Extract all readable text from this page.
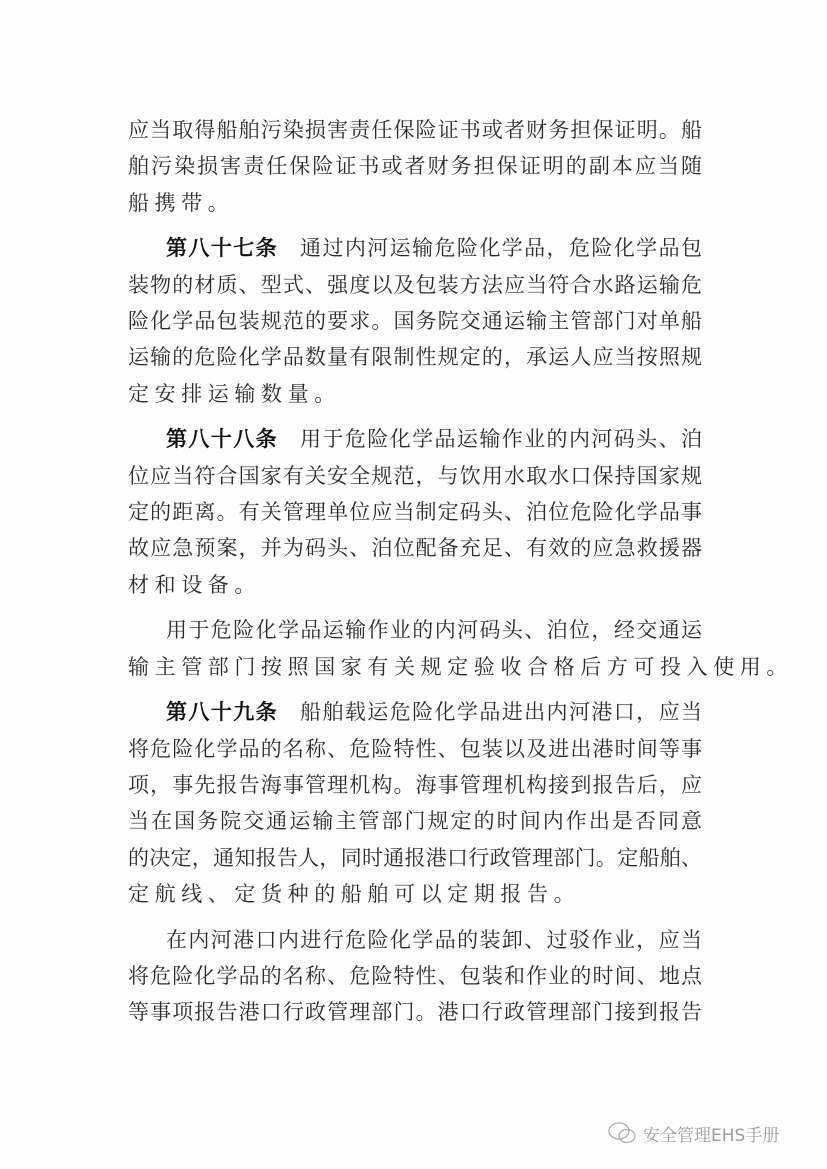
应当取得船舶污染损害责任保险证书或者财务担保证明。船
舶污染损害责任保险证书或者财务担保证明的副本应当随
船携带。
第八十七条 通过内河运输危险化学品，危险化学品包
装物的材质、型式、强度以及包装方法应当符合水路运输危
险化学品包装规范的要求。国务院交通运输主管部门对单船
运输的危险化学品数量有限制性规定的，承运人应当按照规
定安排运输数量。
第八十八条 用于危险化学品运输作业的内河码头、泊
位应当符合国家有关安全规范，与饮用水取水口保持国家规
定的距离。有关管理单位应当制定码头、泊位危险化学品事
故应急预案，并为码头、泊位配备充足、有效的应急救援器
材和设备。
用于危险化学品运输作业的内河码头、泊位，经交通运
输主管部门按照国家有关规定验收合格后方可投入使用。
第八十九条 船舶载运危险化学品进出内河港口，应当
将危险化学品的名称、危险特性、包装以及进出港时间等事
项，事先报告海事管理机构。海事管理机构接到报告后，应
当在国务院交通运输主管部门规定的时间内作出是否同意
的决定，通知报告人，同时通报港口行政管理部门。定船舶、
定航线、定货种的船舶可以定期报告。
在内河港口内进行危险化学品的装卸、过驳作业，应当
将危险化学品的名称、危险特性、包装和作业的时间、地点
等事项报告港口行政管理部门。港口行政管理部门接到报告
安全管理EHS手册
